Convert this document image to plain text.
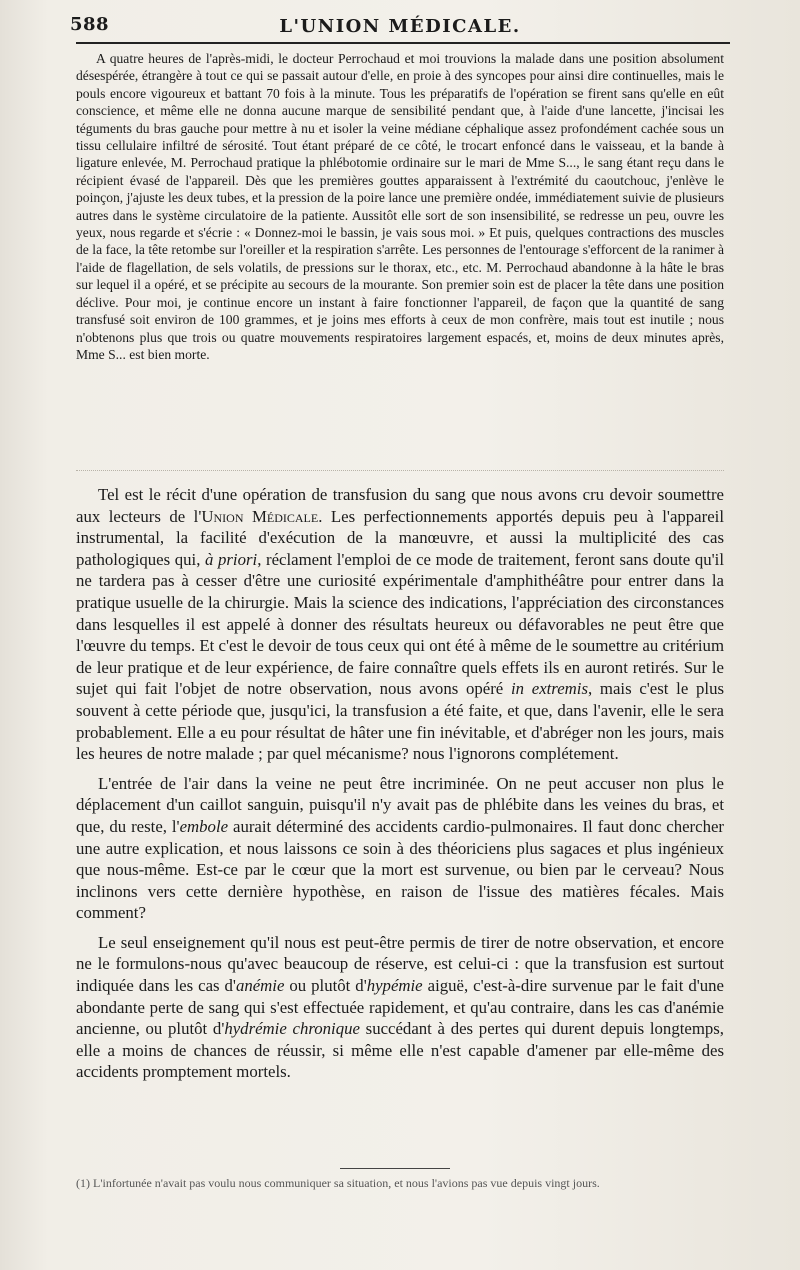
588	L'UNION MÉDICALE.

A quatre heures de l'après-midi, le docteur Perrochaud et moi trouvions la malade dans une position absolument désespérée, étrangère à tout ce qui se passait autour d'elle, en proie à des syncopes pour ainsi dire continuelles, mais le pouls encore vigoureux et battant 70 fois à la minute. Tous les préparatifs de l'opération se firent sans qu'elle en eût conscience, et même elle ne donna aucune marque de sensibilité pendant que, à l'aide d'une lancette, j'incisai les téguments du bras gauche pour mettre à nu et isoler la veine médiane céphalique assez profondément cachée sous un tissu cellulaire infiltré de sérosité. Tout étant préparé de ce côté, le trocart enfoncé dans le vaisseau, et la bande à ligature enlevée, M. Perrochaud pratique la phlébotomie ordinaire sur le mari de Mme S..., le sang étant reçu dans le récipient évasé de l'appareil. Dès que les premières gouttes apparaissent à l'extrémité du caoutchouc, j'enlève le poinçon, j'ajuste les deux tubes, et la pression de la poire lance une première ondée, immédiatement suivie de plusieurs autres dans le système circulatoire de la patiente. Aussitôt elle sort de son insensibilité, se redresse un peu, ouvre les yeux, nous regarde et s'écrie : « Donnez-moi le bassin, je vais sous moi. » Et puis, quelques contractions des muscles de la face, la tête retombe sur l'oreiller et la respiration s'arrête. Les personnes de l'entourage s'efforcent de la ranimer à l'aide de flagellation, de sels volatils, de pressions sur le thorax, etc., etc. M. Perrochaud abandonne à la hâte le bras sur lequel il a opéré, et se précipite au secours de la mourante. Son premier soin est de placer la tête dans une position déclive. Pour moi, je continue encore un instant à faire fonctionner l'appareil, de façon que la quantité de sang transfusé soit environ de 100 grammes, et je joins mes efforts à ceux de mon confrère, mais tout est inutile ; nous n'obtenons plus que trois ou quatre mouvements respiratoires largement espacés, et, moins de deux minutes après, Mme S... est bien morte.

Tel est le récit d'une opération de transfusion du sang que nous avons cru devoir soumettre aux lecteurs de l'Union Médicale. Les perfectionnements apportés depuis peu à l'appareil instrumental, la facilité d'exécution de la manœuvre, et aussi la multiplicité des cas pathologiques qui, à priori, réclament l'emploi de ce mode de traitement, feront sans doute qu'il ne tardera pas à cesser d'être une curiosité expérimentale d'amphithéâtre pour entrer dans la pratique usuelle de la chirurgie. Mais la science des indications, l'appréciation des circonstances dans lesquelles il est appelé à donner des résultats heureux ou défavorables ne peut être que l'œuvre du temps. Et c'est le devoir de tous ceux qui ont été à même de le soumettre au critérium de leur pratique et de leur expérience, de faire connaître quels effets ils en auront retirés. Sur le sujet qui fait l'objet de notre observation, nous avons opéré in extremis, mais c'est le plus souvent à cette période que, jusqu'ici, la transfusion a été faite, et que, dans l'avenir, elle le sera probablement. Elle a eu pour résultat de hâter une fin inévitable, et d'abréger non les jours, mais les heures de notre malade ; par quel mécanisme? nous l'ignorons complétement.

L'entrée de l'air dans la veine ne peut être incriminée. On ne peut accuser non plus le déplacement d'un caillot sanguin, puisqu'il n'y avait pas de phlébite dans les veines du bras, et que, du reste, l'embole aurait déterminé des accidents cardio-pulmonaires. Il faut donc chercher une autre explication, et nous laissons ce soin à des théoriciens plus sagaces et plus ingénieux que nous-même. Est-ce par le cœur que la mort est survenue, ou bien par le cerveau? Nous inclinons vers cette dernière hypothèse, en raison de l'issue des matières fécales. Mais comment?

Le seul enseignement qu'il nous est peut-être permis de tirer de notre observation, et encore ne le formulons-nous qu'avec beaucoup de réserve, est celui-ci : que la transfusion est surtout indiquée dans les cas d'anémie ou plutôt d'hypémie aiguë, c'est-à-dire survenue par le fait d'une abondante perte de sang qui s'est effectuée rapidement, et qu'au contraire, dans les cas d'anémie ancienne, ou plutôt d'hydrémie chronique succédant à des pertes qui durent depuis longtemps, elle a moins de chances de réussir, si même elle n'est capable d'amener par elle-même des accidents promptement mortels.

(1) L'infortunée n'avait pas voulu nous communiquer sa situation, et nous l'avions pas vue depuis vingt jours.
